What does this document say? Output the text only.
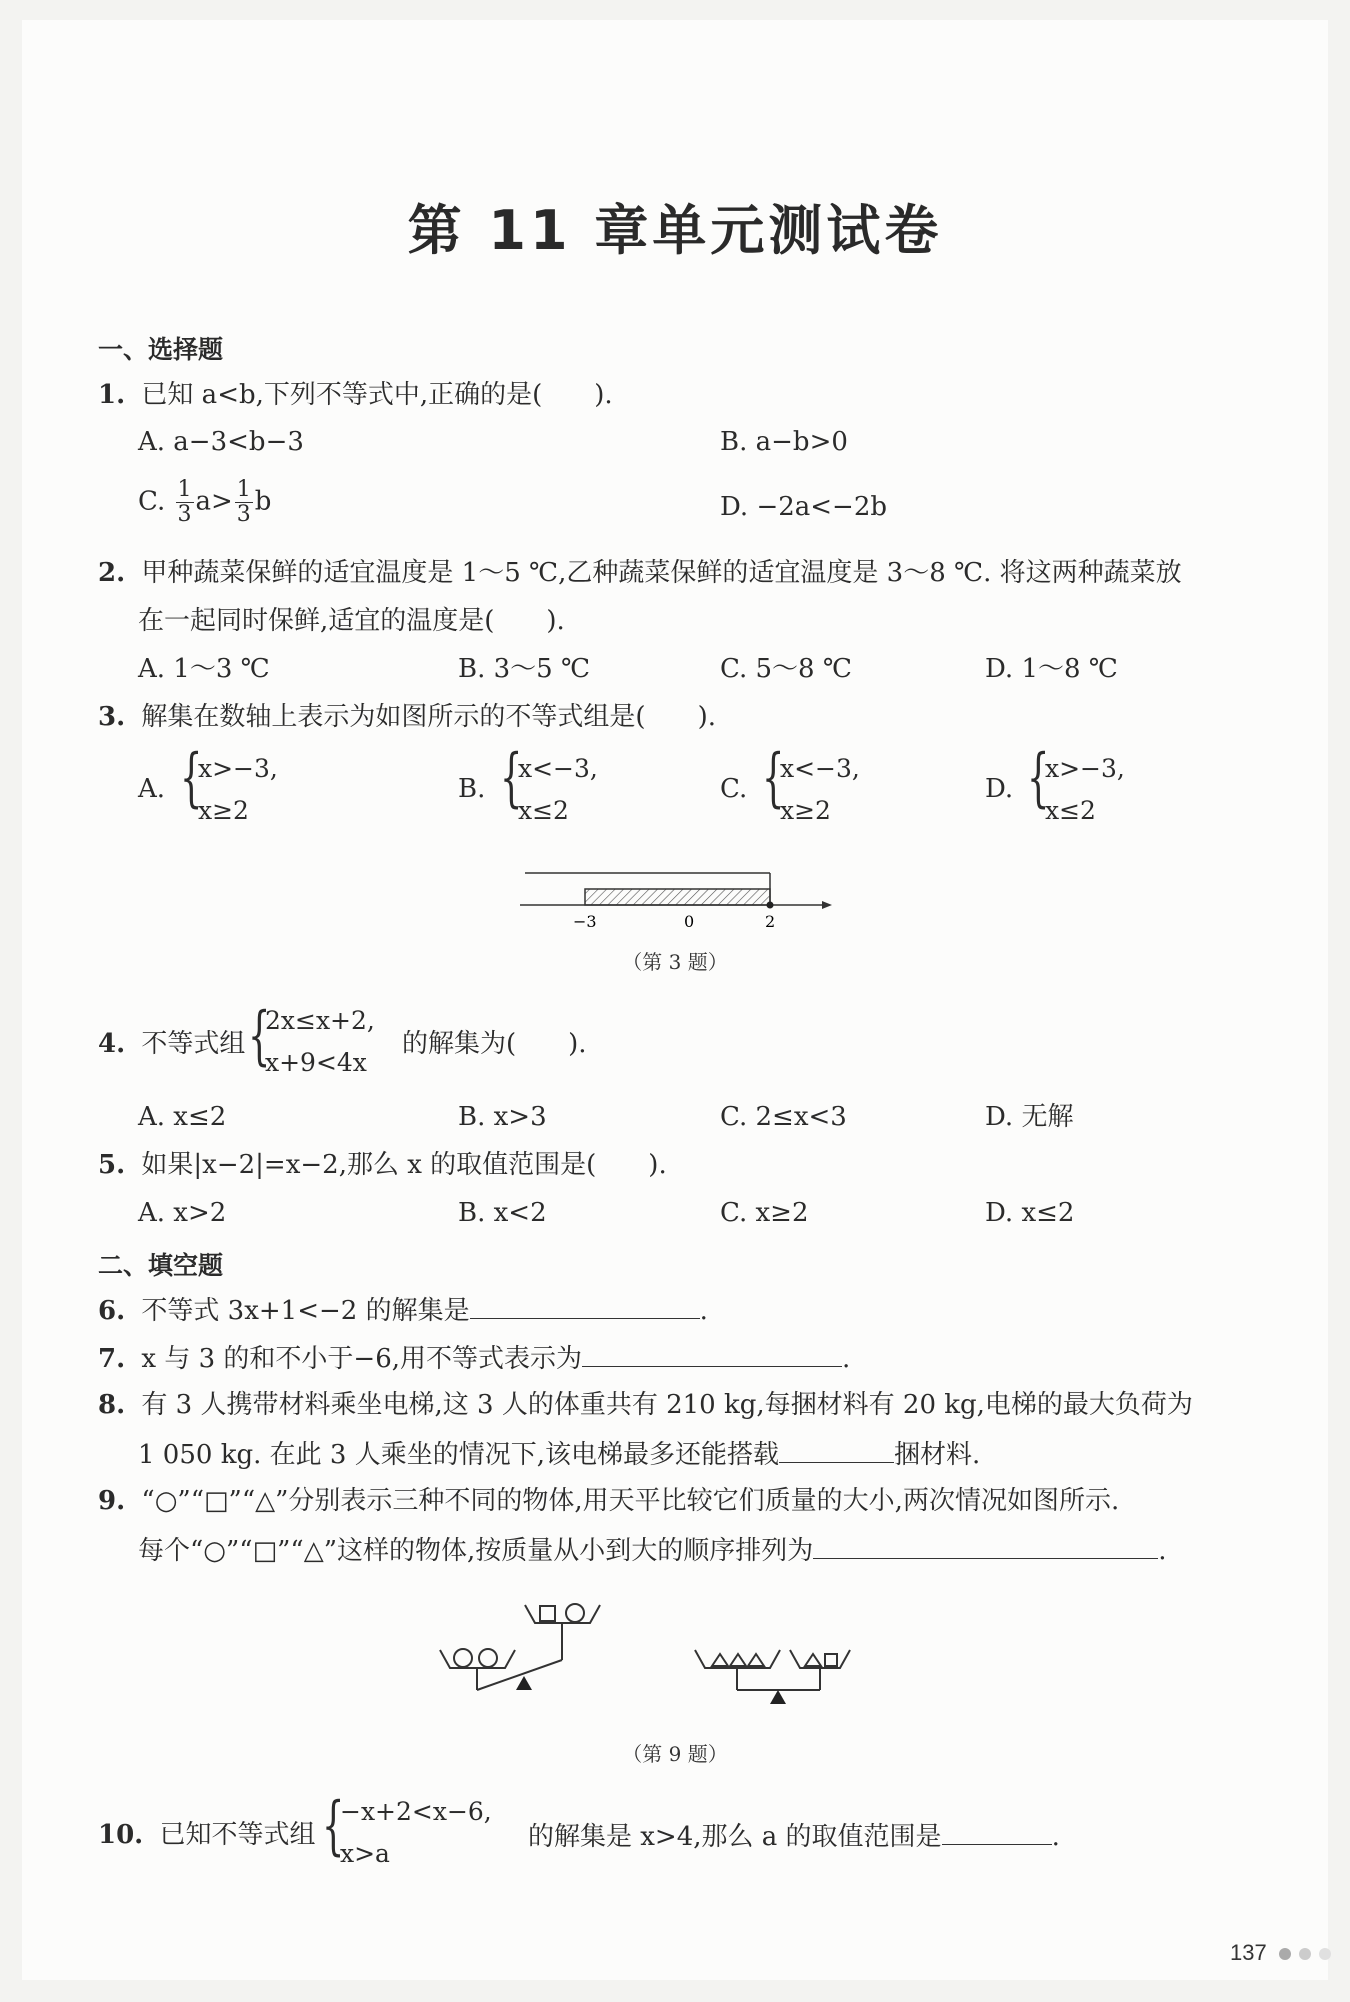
第 11 章单元测试卷
一、选择题
1. 已知 a<b,下列不等式中,正确的是(　　).
A. a−3<b−3	B. a−b>0
C. $\frac{1}{3} a> \frac{1}{3}$ b	D. −2a<−2b
2. 甲种蔬菜保鲜的适宜温度是 1～5 ℃,乙种蔬菜保鲜的适宜温度是 3～8 ℃. 将这两种蔬菜放
在一起同时保鲜,适宜的温度是(　　).
A. 1～3 ℃	B. 3～5 ℃	C. 5～8 ℃	D. 1～8 ℃
3. 解集在数轴上表示为如图所示的不等式组是(　　).
A. {
x>−3,
x≥2
B. {
x<−3,
x≤2
C. {
x<−3,
x≥2
D. {
x>−3,
x≤2
−3	0	2
（第 3 题）
4. 不等式组 {
2x≤x+2,
x+9<4x
的解集为(　　).
A. x≤2	B. x>3	C. 2≤x<3	D. 无解
5. 如果|x−2|=x−2,那么 x 的取值范围是(　　).
A. x>2	B. x<2	C. x≥2	D. x≤2
二、填空题
6. 不等式 3x+1<−2 的解集是	.
7. x 与 3 的和不小于−6,用不等式表示为	.
8. 有 3 人携带材料乘坐电梯,这 3 人的体重共有 210 kg,每捆材料有 20 kg,电梯的最大负荷为
1 050 kg. 在此 3 人乘坐的情况下,该电梯最多还能搭载	捆材料.
9. “○”“□”“△”分别表示三种不同的物体,用天平比较它们质量的大小,两次情况如图所示.
每个“○”“□”“△”这样的物体,按质量从小到大的顺序排列为	.
（第 9 题）
10. 已知不等式组 {
−x+2<x−6,
x>a
的解集是 x>4,那么 a 的取值范围是	.
137
